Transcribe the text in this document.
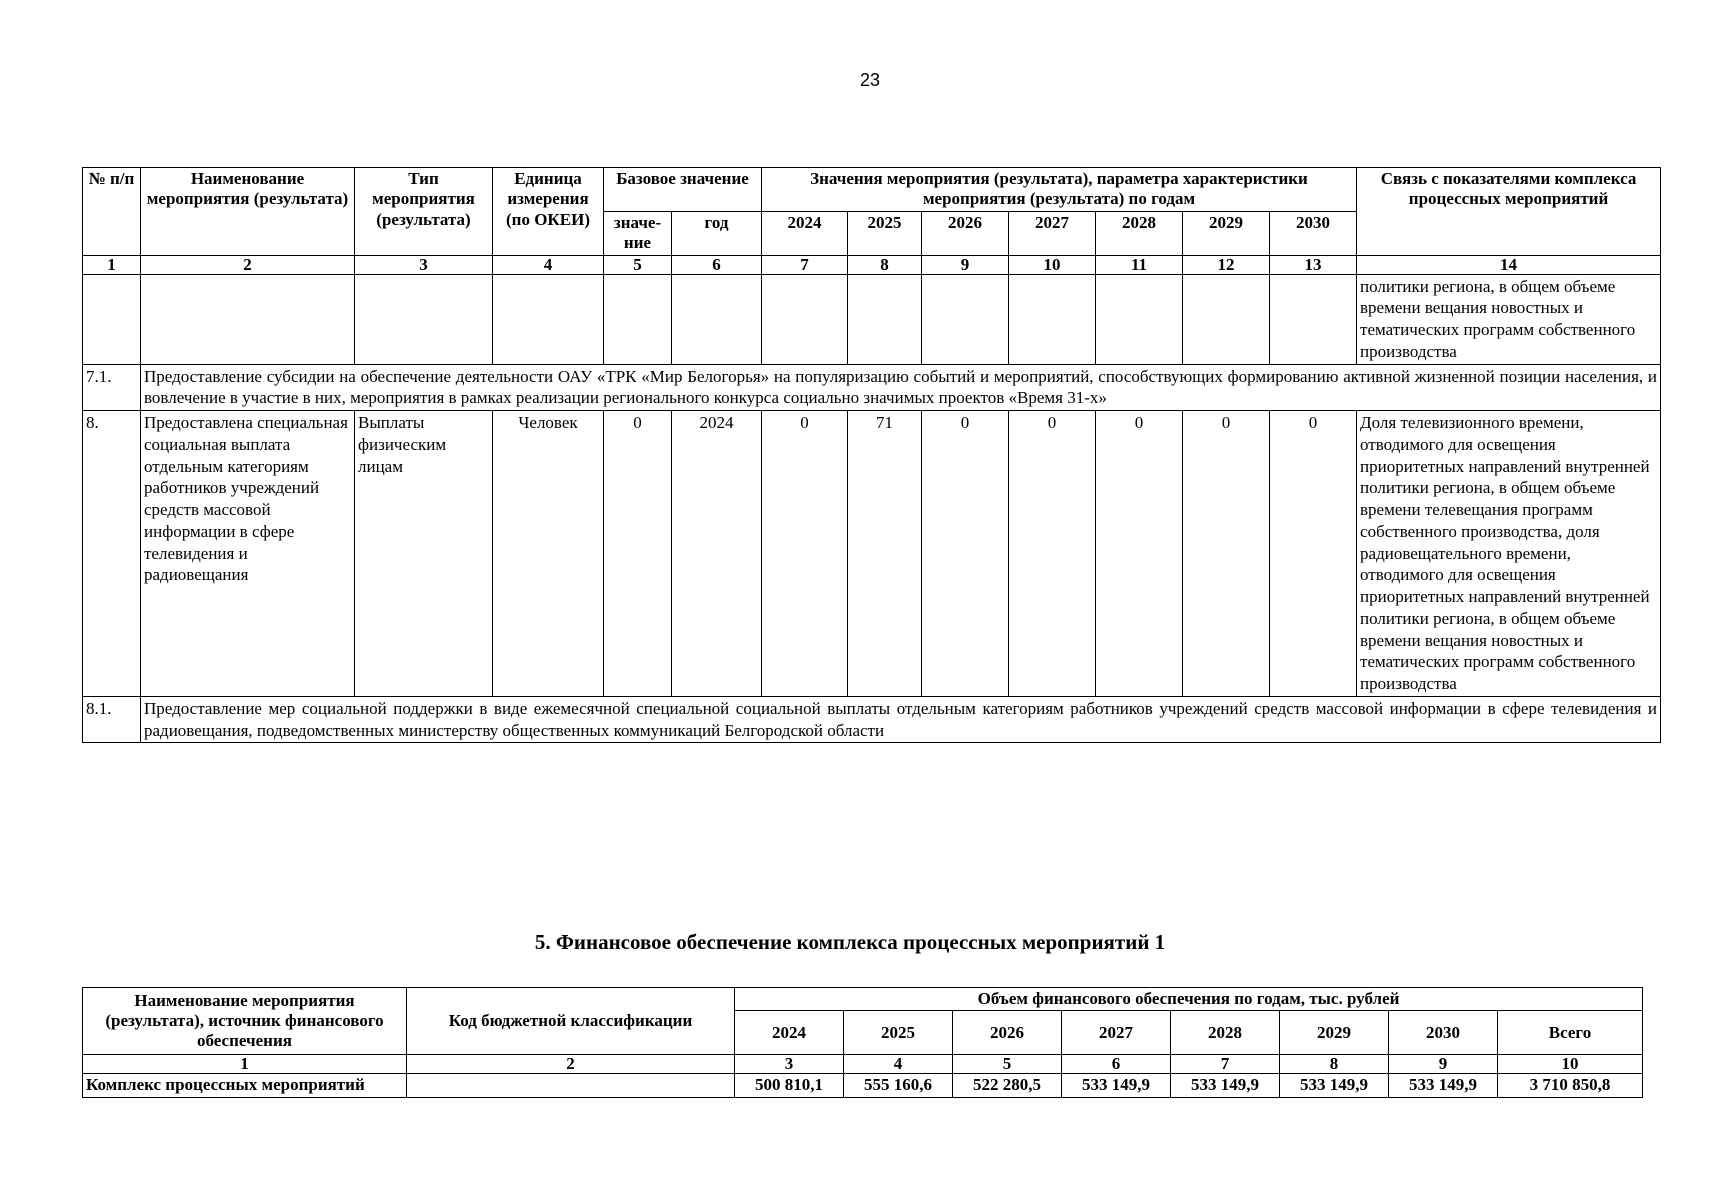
23
№ п/п	Наименование мероприятия (результата)	Тип мероприятия (результата)	Единица измерения (по ОКЕИ)	Базовое значение		Значения мероприятия (результата), параметра характеристики мероприятия (результата) по годам							Связь с показателями комплекса процессных мероприятий
				значе-ние	год	2024	2025	2026	2027	2028	2029	2030	
1	2	3	4	5	6	7	8	9	10	11	12	13	14
													политики региона, в общем объеме времени вещания новостных и тематических программ собственного производства
7.1.	Предоставление субсидии на обеспечение деятельности ОАУ «ТРК «Мир Белогорья» на популяризацию событий и мероприятий, способствующих формированию активной жизненной позиции населения, и вовлечение в участие в них, мероприятия в рамках реализации регионального конкурса социально значимых проектов «Время 31-х»												
8.	Предоставлена специальная социальная выплата отдельным категориям работников учреждений средств массовой информации в сфере телевидения и радиовещания	Выплаты физическим лицам	Человек	0	2024	0	71	0	0	0	0	0	Доля телевизионного времени, отводимого для освещения приоритетных направлений внутренней политики региона, в общем объеме времени телевещания программ собственного производства, доля радиовещательного времени, отводимого для освещения приоритетных направлений внутренней политики региона, в общем объеме времени вещания новостных и тематических программ собственного производства
8.1.	Предоставление мер социальной поддержки в виде ежемесячной специальной социальной выплаты отдельным категориям работников учреждений средств массовой информации в сфере телевидения и радиовещания, подведомственных министерству общественных коммуникаций Белгородской области												
5. Финансовое обеспечение комплекса процессных мероприятий 1
Наименование мероприятия (результата), источник финансового обеспечения	Код бюджетной классификации	Объем финансового обеспечения по годам, тыс. рублей							
		2024	2025	2026	2027	2028	2029	2030	Всего
1	2	3	4	5	6	7	8	9	10
Комплекс процессных мероприятий		500 810,1	555 160,6	522 280,5	533 149,9	533 149,9	533 149,9	533 149,9	3 710 850,8
